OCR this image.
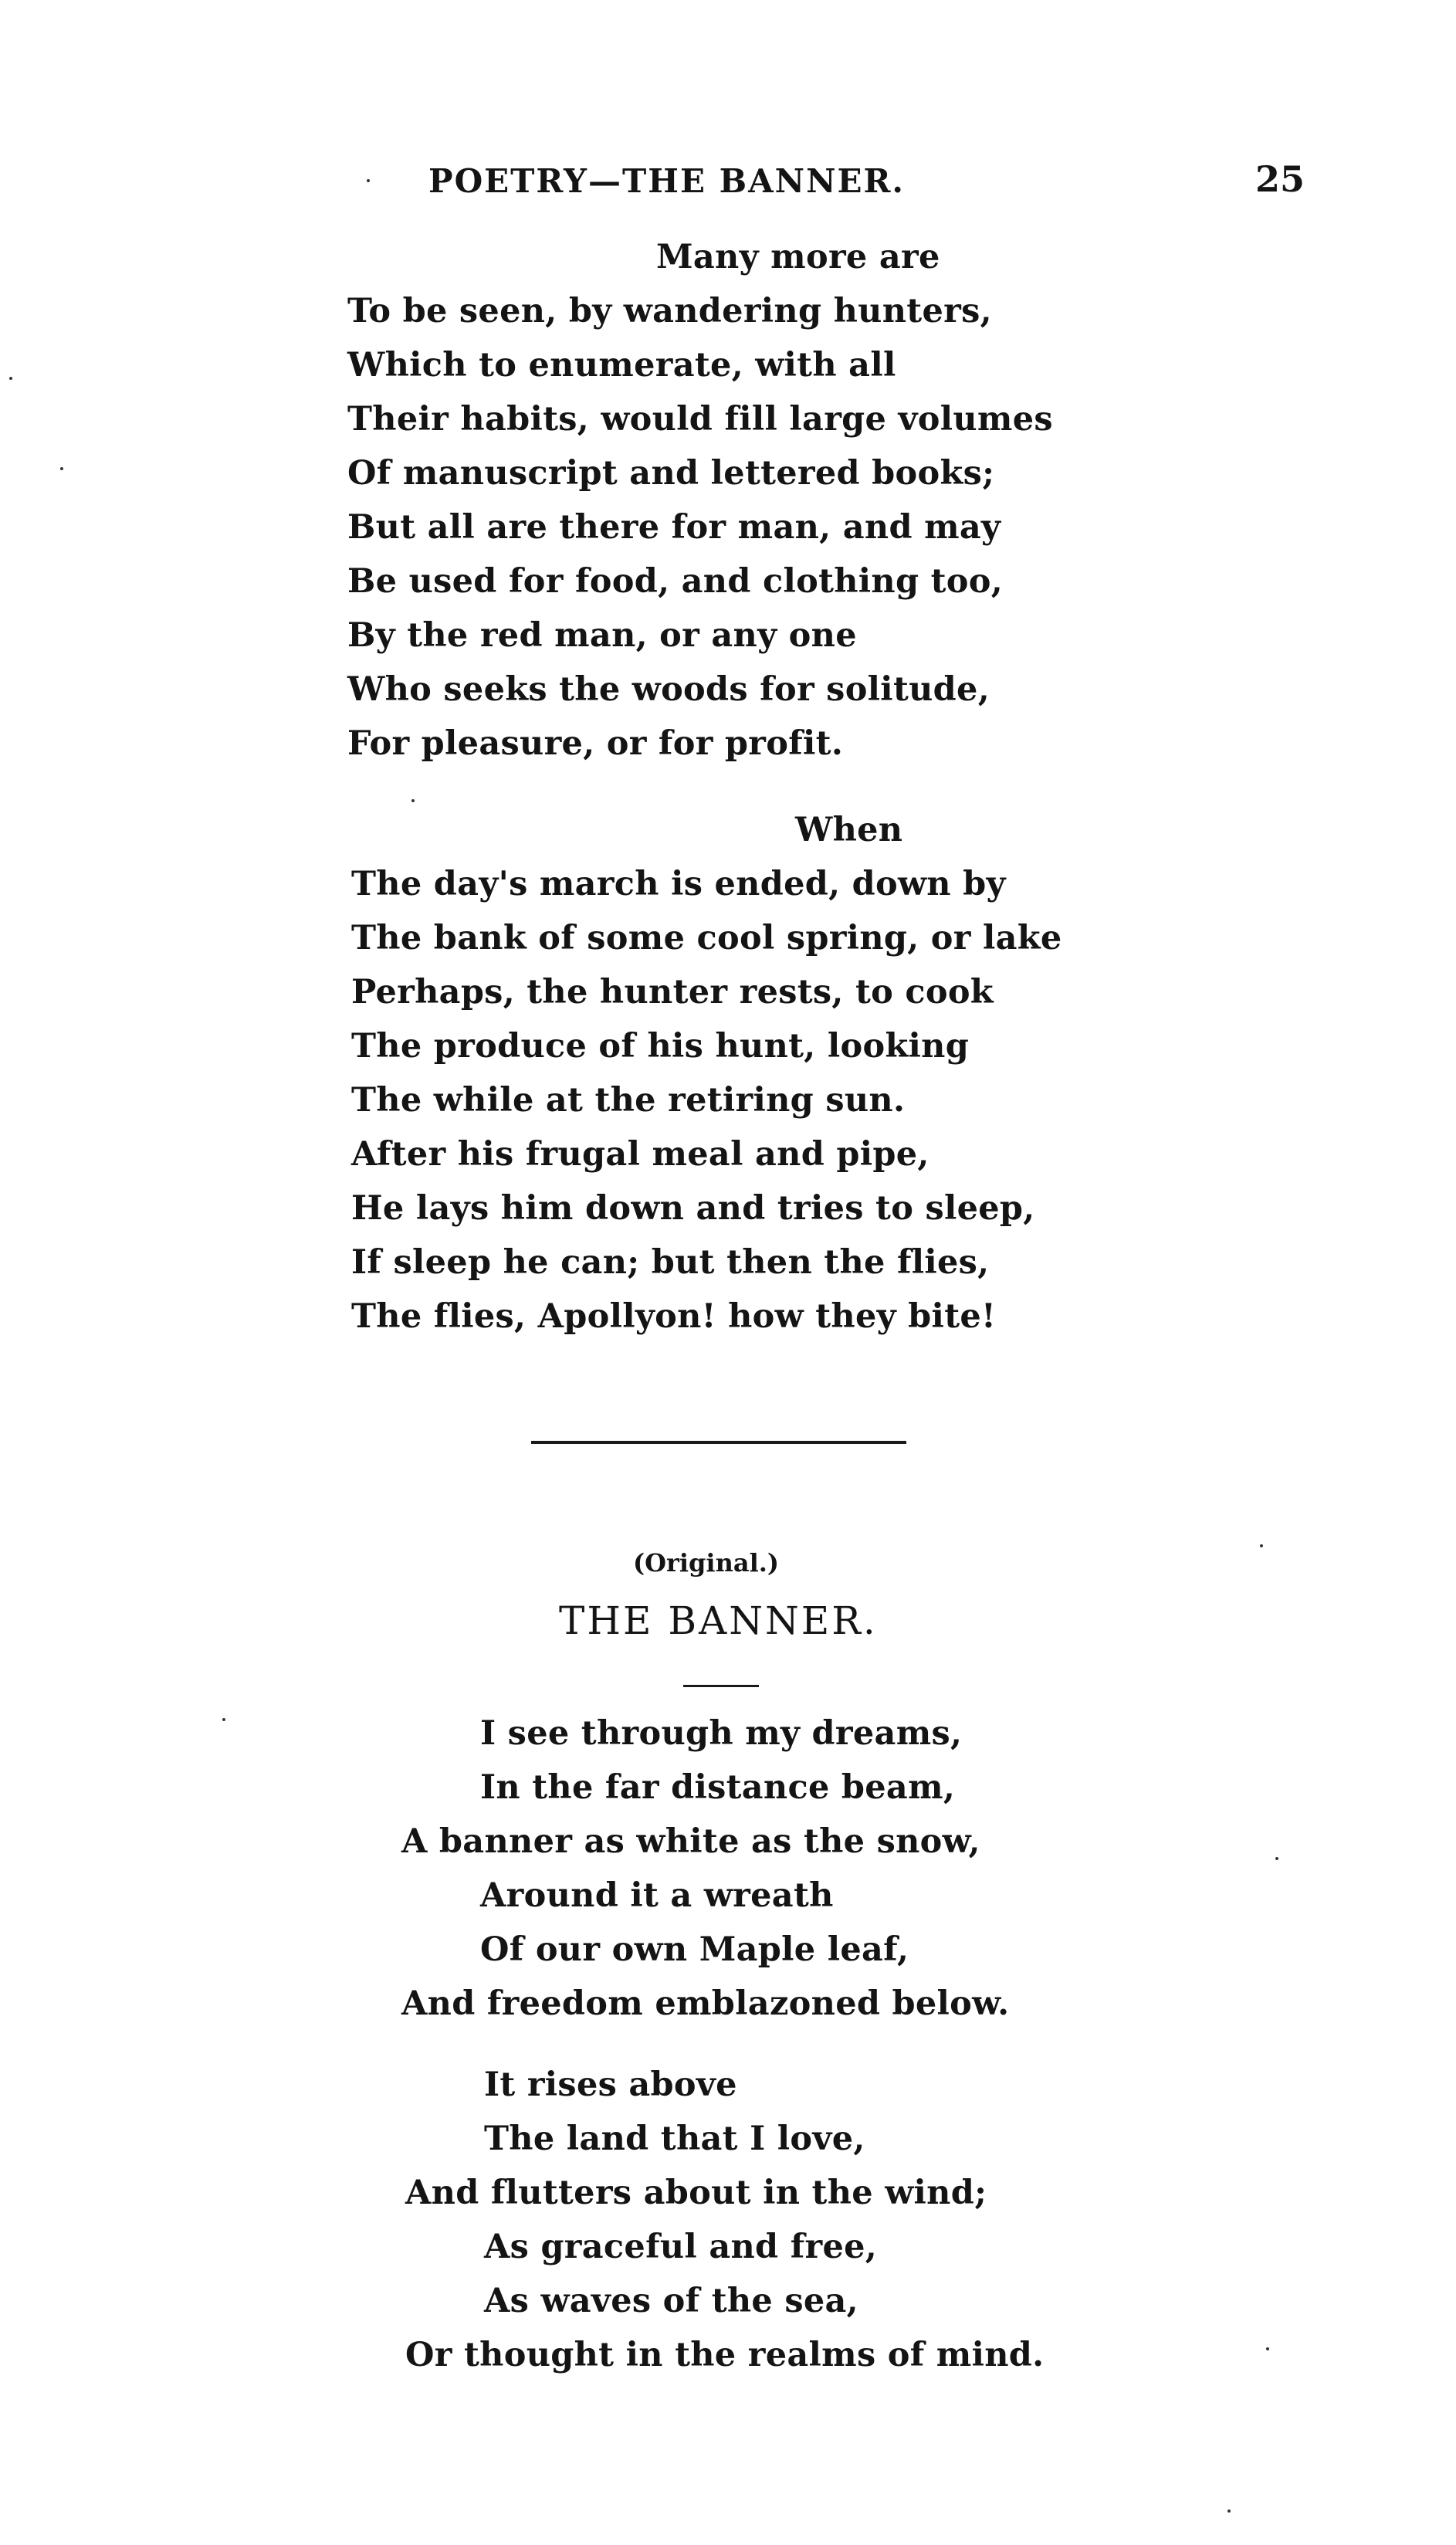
POETRY—THE BANNER.	25
Many more are
To be seen, by wandering hunters,
Which to enumerate, with all
Their habits, would fill large volumes
Of manuscript and lettered books;
But all are there for man, and may
Be used for food, and clothing too,
By the red man, or any one
Who seeks the woods for solitude,
For pleasure, or for profit.
When
The day's march is ended, down by
The bank of some cool spring, or lake
Perhaps, the hunter rests, to cook
The produce of his hunt, looking
The while at the retiring sun.
After his frugal meal and pipe,
He lays him down and tries to sleep,
If sleep he can; but then the flies,
The flies, Apollyon! how they bite!
(Original.)
THE BANNER.
I see through my dreams,
In the far distance beam,
A banner as white as the snow,
Around it a wreath
Of our own Maple leaf,
And freedom emblazoned below.
It rises above
The land that I love,
And flutters about in the wind;
As graceful and free,
As waves of the sea,
Or thought in the realms of mind.
